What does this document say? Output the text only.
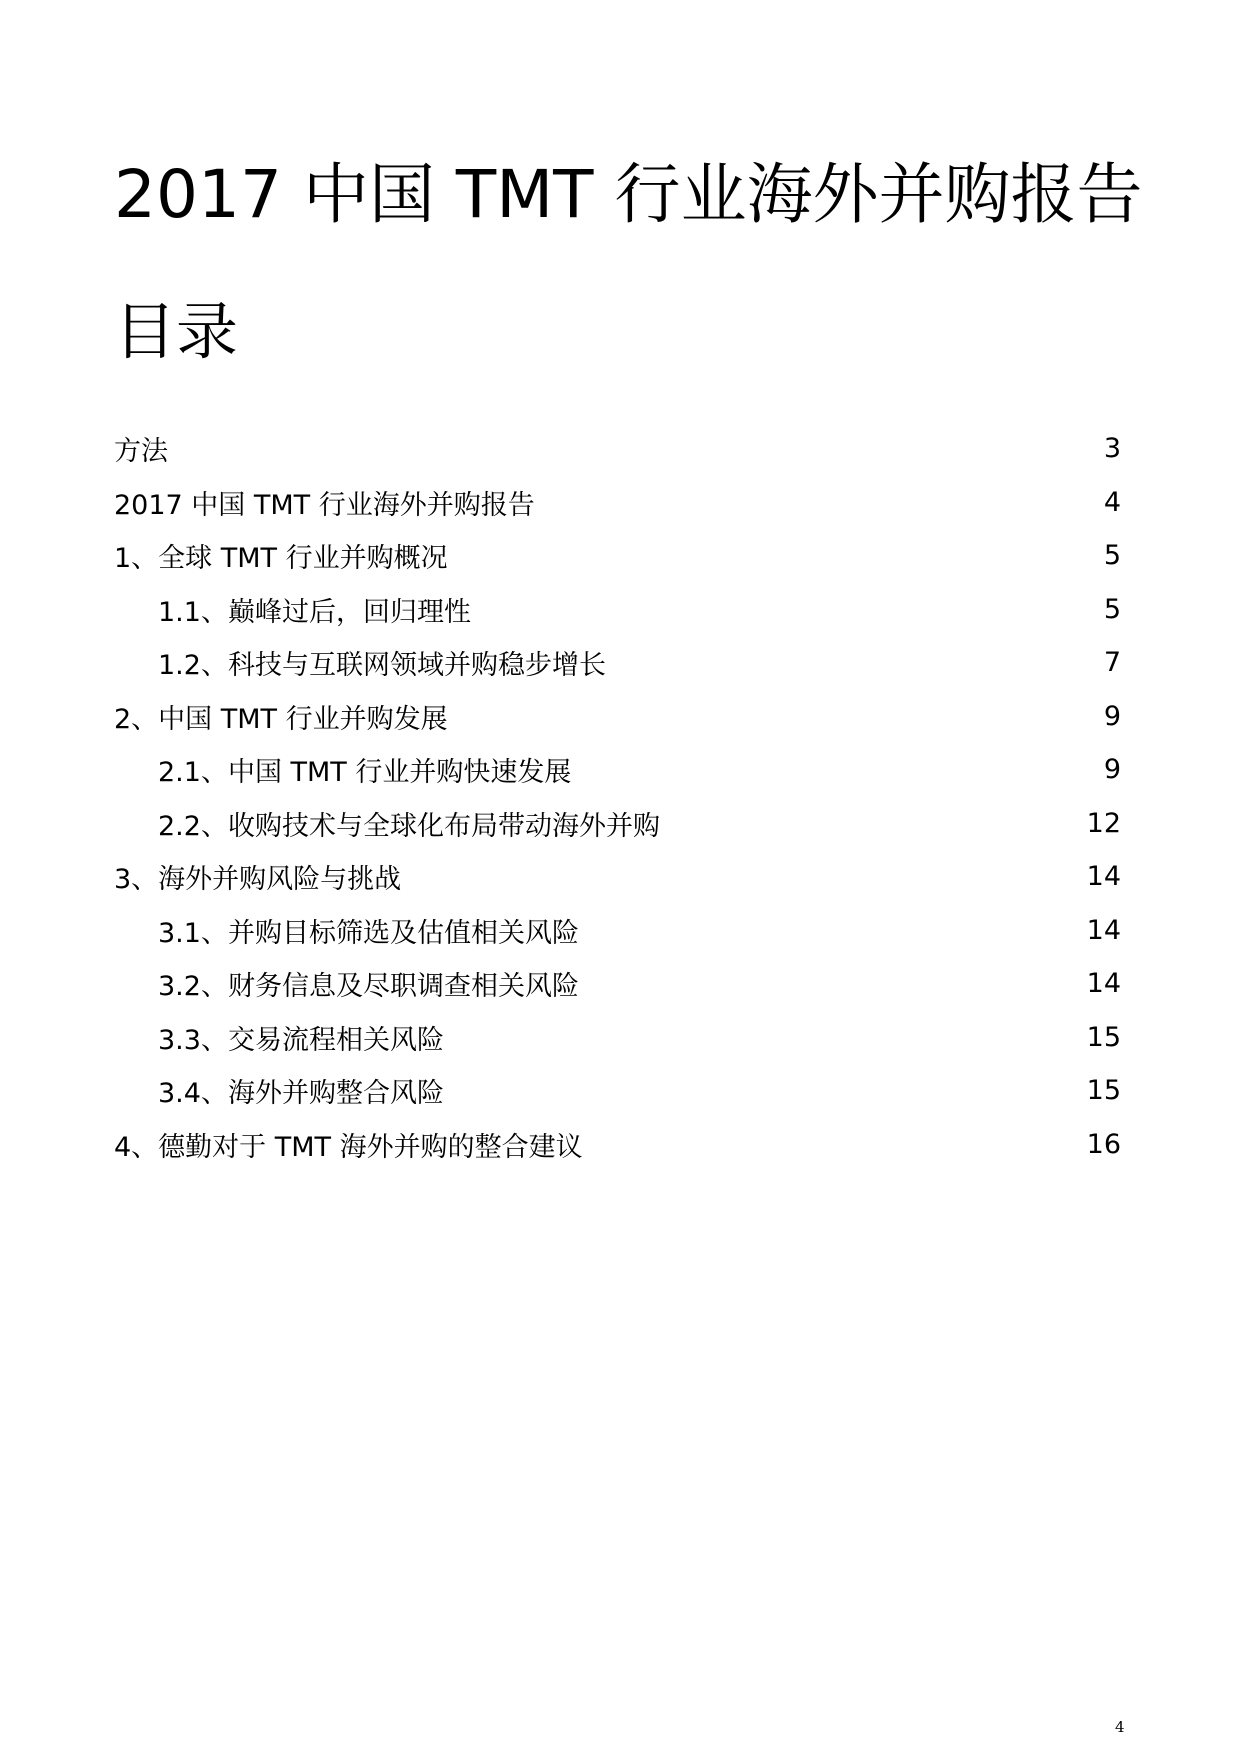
2017 中国 TMT 行业海外并购报告
目录
方法	3
2017 中国 TMT 行业海外并购报告	4
1、全球 TMT 行业并购概况	5
1.1、巅峰过后，回归理性	5
1.2、科技与互联网领域并购稳步增长	7
2、中国 TMT 行业并购发展	9
2.1、中国 TMT 行业并购快速发展	9
2.2、收购技术与全球化布局带动海外并购	12
3、海外并购风险与挑战	14
3.1、并购目标筛选及估值相关风险	14
3.2、财务信息及尽职调查相关风险	14
3.3、交易流程相关风险	15
3.4、海外并购整合风险	15
4、德勤对于 TMT 海外并购的整合建议	16
4
